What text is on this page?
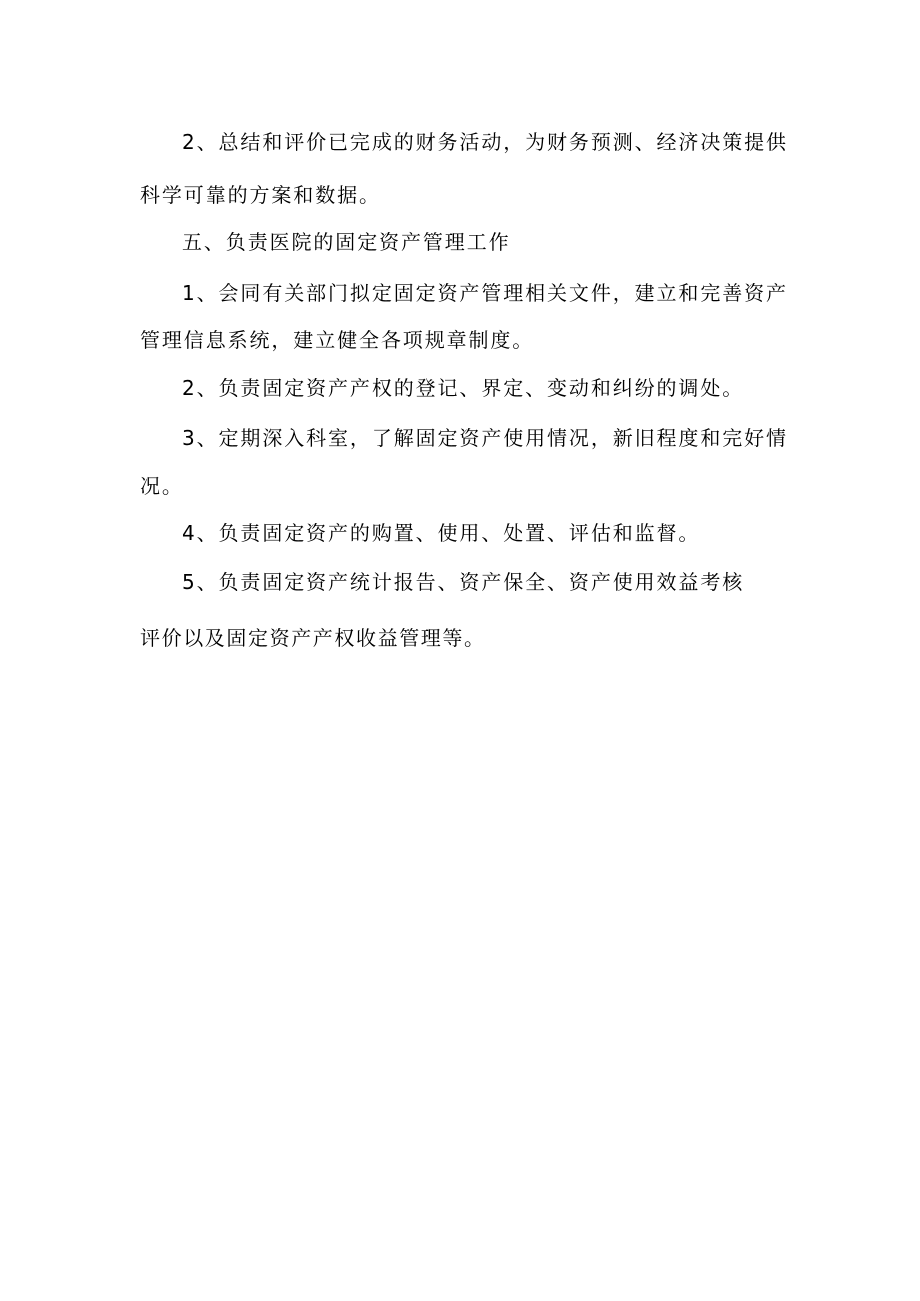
2、总结和评价已完成的财务活动，为财务预测、经济决策提供
科学可靠的方案和数据。
五、负责医院的固定资产管理工作
1、会同有关部门拟定固定资产管理相关文件，建立和完善资产
管理信息系统，建立健全各项规章制度。
2、负责固定资产产权的登记、界定、变动和纠纷的调处。
3、定期深入科室，了解固定资产使用情况，新旧程度和完好情
况。
4、负责固定资产的购置、使用、处置、评估和监督。
5、负责固定资产统计报告、资产保全、资产使用效益考核
评价以及固定资产产权收益管理等。
